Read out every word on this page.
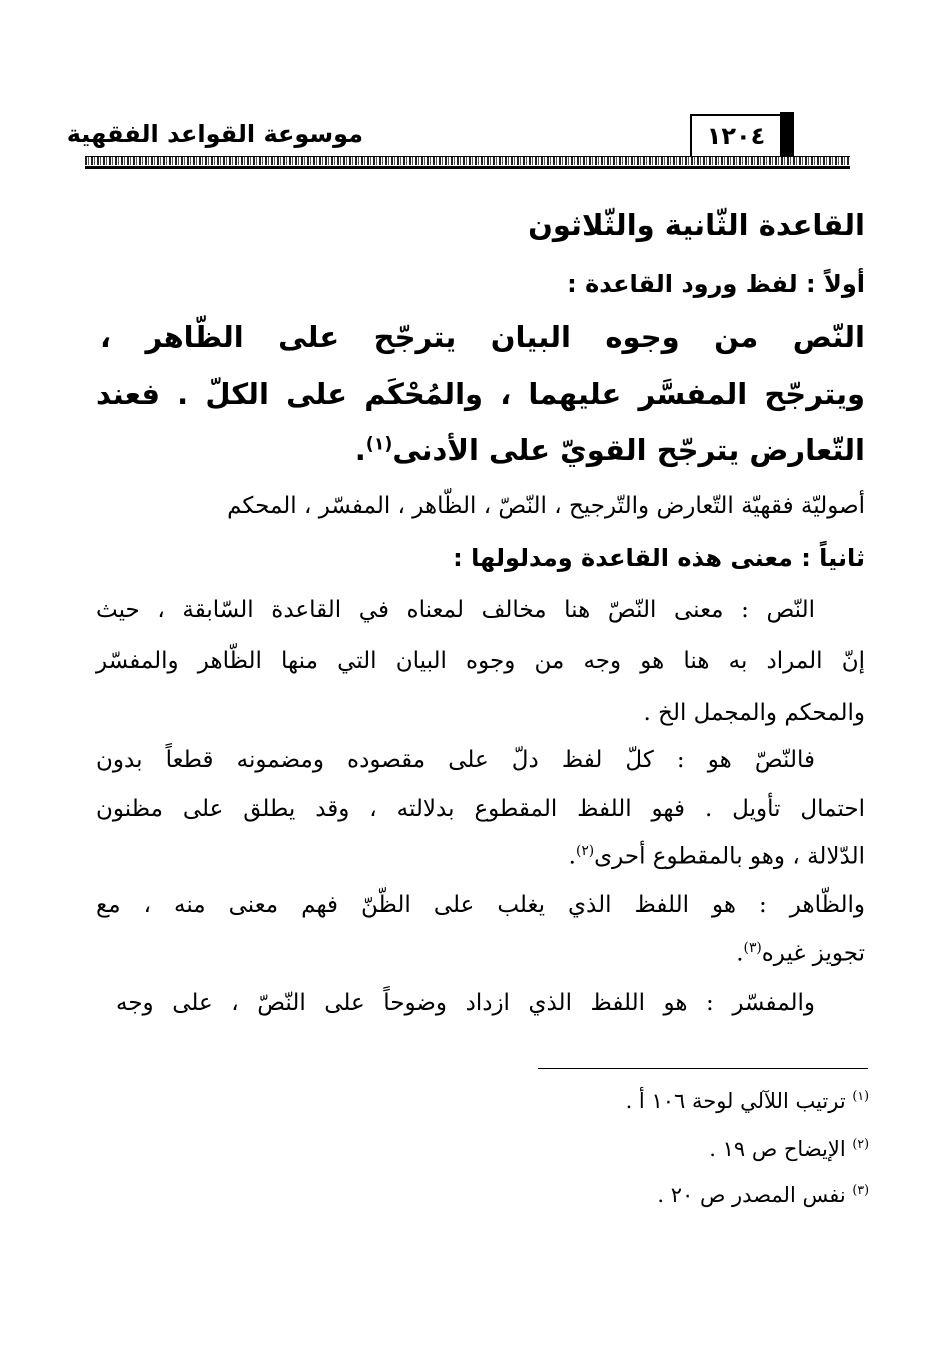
موسوعة القواعد الفقهية	١٢٠٤
القاعدة الثّانية والثّلاثون
أولاً : لفظ ورود القاعدة :
النّص من وجوه البيان يترجّح على الظّاهر ،
ويترجّح المفسَّر عليهما ، والمُحْكَم على الكلّ . فعند
التّعارض يترجّح القويّ على الأدنى$^{(١)}$.
أصوليّة فقهيّة التّعارض والتّرجيح ، النّصّ ، الظّاهر ، المفسّر ، المحكم
ثانياً : معنى هذه القاعدة ومدلولها :
النّص : معنى النّصّ هنا مخالف لمعناه في القاعدة السّابقة ، حيث
إنّ المراد به هنا هو وجه من وجوه البيان التي منها الظّاهر والمفسّر
والمحكم والمجمل الخ .
فالنّصّ هو : كلّ لفظ دلّ على مقصوده ومضمونه قطعاً بدون
احتمال تأويل . فهو اللفظ المقطوع بدلالته ، وقد يطلق على مظنون
الدّلالة ، وهو بالمقطوع أحرى$^{(٢)}$.
والظّاهر : هو اللفظ الذي يغلب على الظّنّ فهم معنى منه ، مع
تجويز غيره$^{(٣)}$.
والمفسّر : هو اللفظ الذي ازداد وضوحاً على النّصّ ، على وجه
$^{(١)}$ ترتيب اللآلي لوحة ١٠٦ أ .
$^{(٢)}$ الإيضاح ص ١٩ .
$^{(٣)}$ نفس المصدر ص ٢٠ .
